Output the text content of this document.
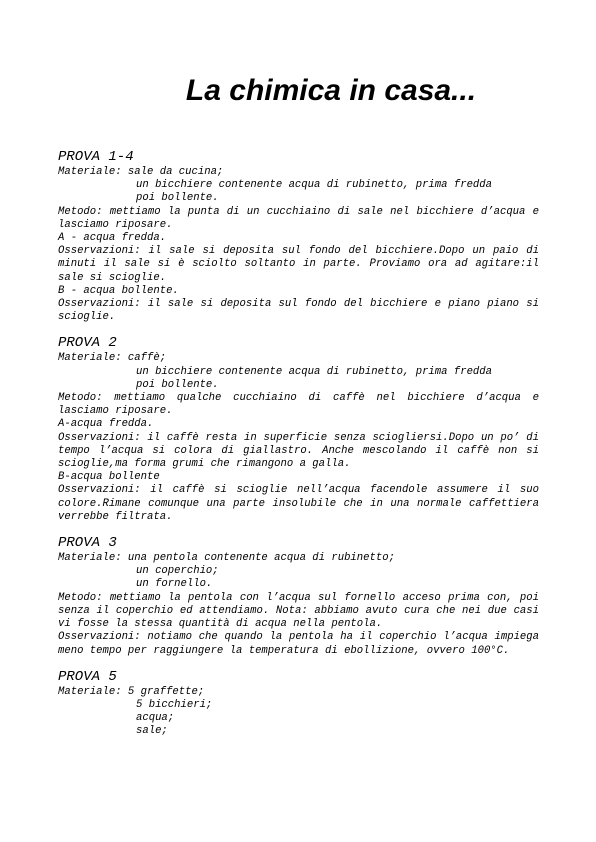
La chimica in casa...

PROVA 1-4

Materiale: sale da cucina;

un bicchiere contenente acqua di rubinetto, prima fredda

poi bollente.

Metodo: mettiamo la punta di un cucchiaino di sale nel bicchiere d’acqua e lasciamo riposare.

A - acqua fredda.

Osservazioni: il sale si deposita sul fondo del bicchiere.Dopo un paio di minuti il sale si è sciolto soltanto in parte. Proviamo ora ad agitare:il sale si scioglie.

B - acqua bollente.

Osservazioni: il sale si deposita sul fondo del bicchiere e piano piano si scioglie.

PROVA 2

Materiale: caffè;

un bicchiere contenente acqua di rubinetto, prima fredda

poi bollente.

Metodo: mettiamo qualche cucchiaino di caffè nel bicchiere d’acqua e lasciamo riposare.

A-acqua fredda.

Osservazioni: il caffè resta in superficie senza sciogliersi.Dopo un po’ di tempo l’acqua si colora di giallastro. Anche mescolando il caffè non si scioglie,ma forma grumi che rimangono a galla.

B-acqua bollente

Osservazioni: il caffè si scioglie nell’acqua facendole assumere il suo colore.Rimane comunque una parte insolubile che in una normale caffettiera verrebbe filtrata.

PROVA 3

Materiale: una pentola contenente acqua di rubinetto;

un coperchio;

un fornello.

Metodo: mettiamo la pentola con l’acqua sul fornello acceso prima con, poi senza il coperchio ed attendiamo. Nota: abbiamo avuto cura che nei due casi vi fosse la stessa quantità di acqua nella pentola.

Osservazioni: notiamo che quando la pentola ha il coperchio l’acqua impiega meno tempo per raggiungere la temperatura di ebollizione, ovvero 100°C.

PROVA 5

Materiale: 5 graffette;

5 bicchieri;

acqua;

sale;
